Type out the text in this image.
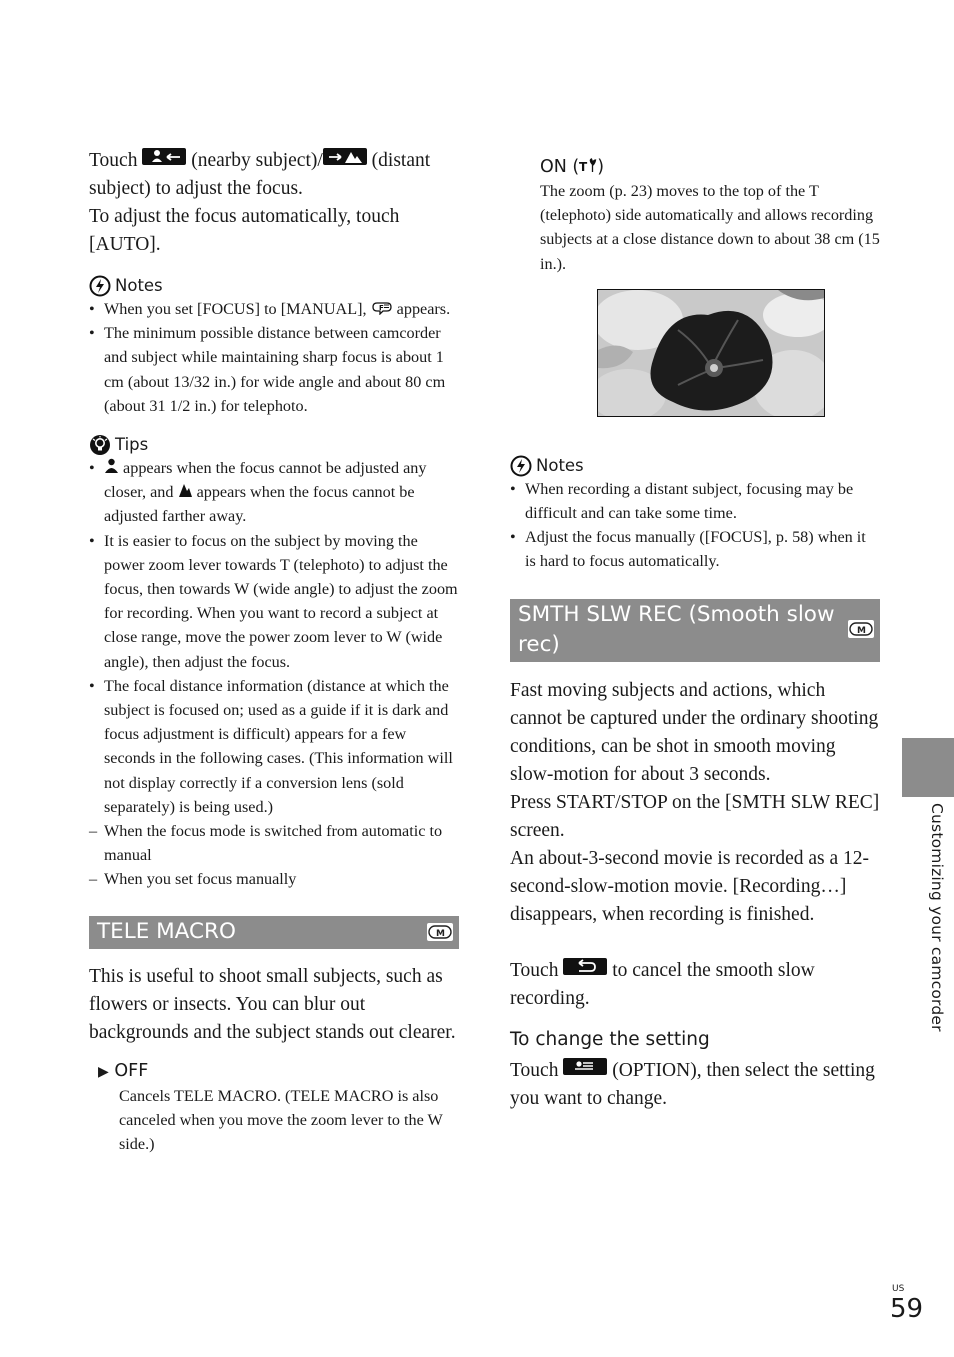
Touch	(nearby subject)/	(distant subject) to adjust the focus.

To adjust the focus automatically, touch [AUTO].

Notes
• When you set [FOCUS] to [MANUAL], F appears.
• The minimum possible distance between camcorder and subject while maintaining sharp focus is about 1 cm (about 13/32 in.) for wide angle and about 80 cm (about 31 1/2 in.) for telephoto.
Tips
• appears when the focus cannot be adjusted any closer, and appears when the focus cannot be adjusted farther away.
• It is easier to focus on the subject by moving the power zoom lever towards T (telephoto) to adjust the focus, then towards W (wide angle) to adjust the zoom for recording. When you want to record a subject at close range, move the power zoom lever to W (wide angle), then adjust the focus.
• The focal distance information (distance at which the subject is focused on; used as a guide if it is dark and focus adjustment is difficult) appears for a few seconds in the following cases. (This information will not display correctly if a conversion lens (sold separately) is being used.)
– When the focus mode is switched from automatic to manual
– When you set focus manually
TELE MACRO	M

This is useful to shoot small subjects, such as flowers or insects. You can blur out backgrounds and the subject stands out clearer.

▶ OFF

Cancels TELE MACRO. (TELE MACRO is also canceled when you move the zoom lever to the W side.)

ON ( T )

The zoom (p. 23) moves to the top of the T (telephoto) side automatically and allows recording subjects at a close distance down to about 38 cm (15 in.).

Notes
• When recording a distant subject, focusing may be difficult and can take some time.
• Adjust the focus manually ([FOCUS], p. 58) when it is hard to focus automatically.
SMTH SLW REC (Smooth slow rec)
M

Fast moving subjects and actions, which cannot be captured under the ordinary shooting conditions, can be shot in smooth moving slow-motion for about 3 seconds.

Press START/STOP on the [SMTH SLW REC] screen.

An about-3-second movie is recorded as a 12-second-slow-motion movie. [Recording…] disappears, when recording is finished.

Touch	to cancel the smooth slow recording.

To change the setting

Touch	(OPTION), then select the setting you want to change.

Customizing your camcorder
US
59
